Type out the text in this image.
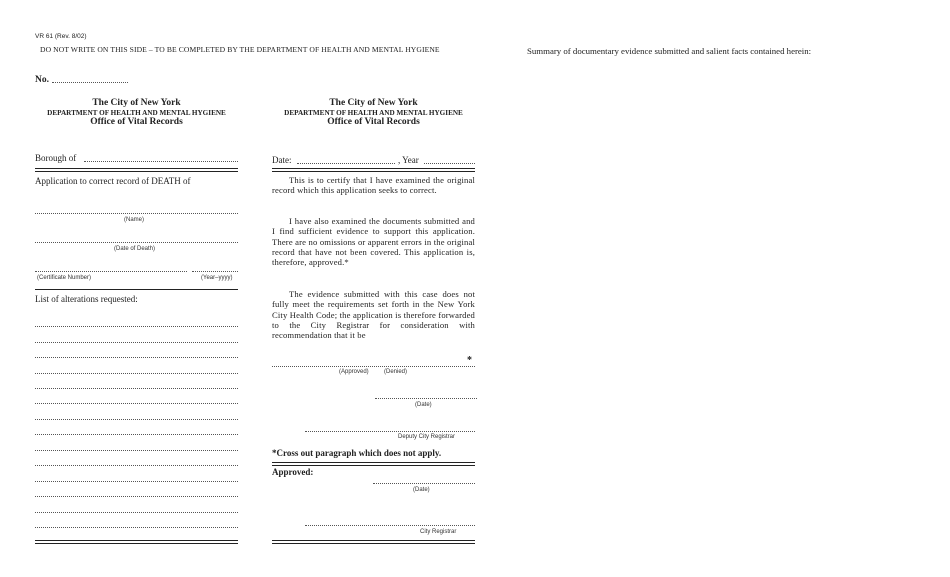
VR 61 (Rev. 8/02)
DO NOT WRITE ON THIS SIDE – TO BE COMPLETED BY THE DEPARTMENT OF HEALTH AND MENTAL HYGIENE	Summary of documentary evidence submitted and salient facts contained herein:
No.
The City of New York
DEPARTMENT OF HEALTH AND MENTAL HYGIENE
Office of Vital Records
Borough of
Application to correct record of DEATH of
(Name)
(Date of Death)
(Certificate Number)	(Year–yyyy)
List of alterations requested:
The City of New York
DEPARTMENT OF HEALTH AND MENTAL HYGIENE
Office of Vital Records
Date:	, Year
This is to certify that I have examined the original record which this application seeks to correct.
I have also examined the documents submitted and I find sufficient evidence to support this application. There are no omissions or apparent errors in the original record that have not been covered. This application is, therefore, approved.*
The evidence submitted with this case does not fully meet the requirements set forth in the New York City Health Code; the application is therefore forwarded to the City Registrar for consideration with recommendation that it be
*
(Approved)	(Denied)
(Date)
Deputy City Registrar
*Cross out paragraph which does not apply.
Approved:
(Date)
City Registrar
